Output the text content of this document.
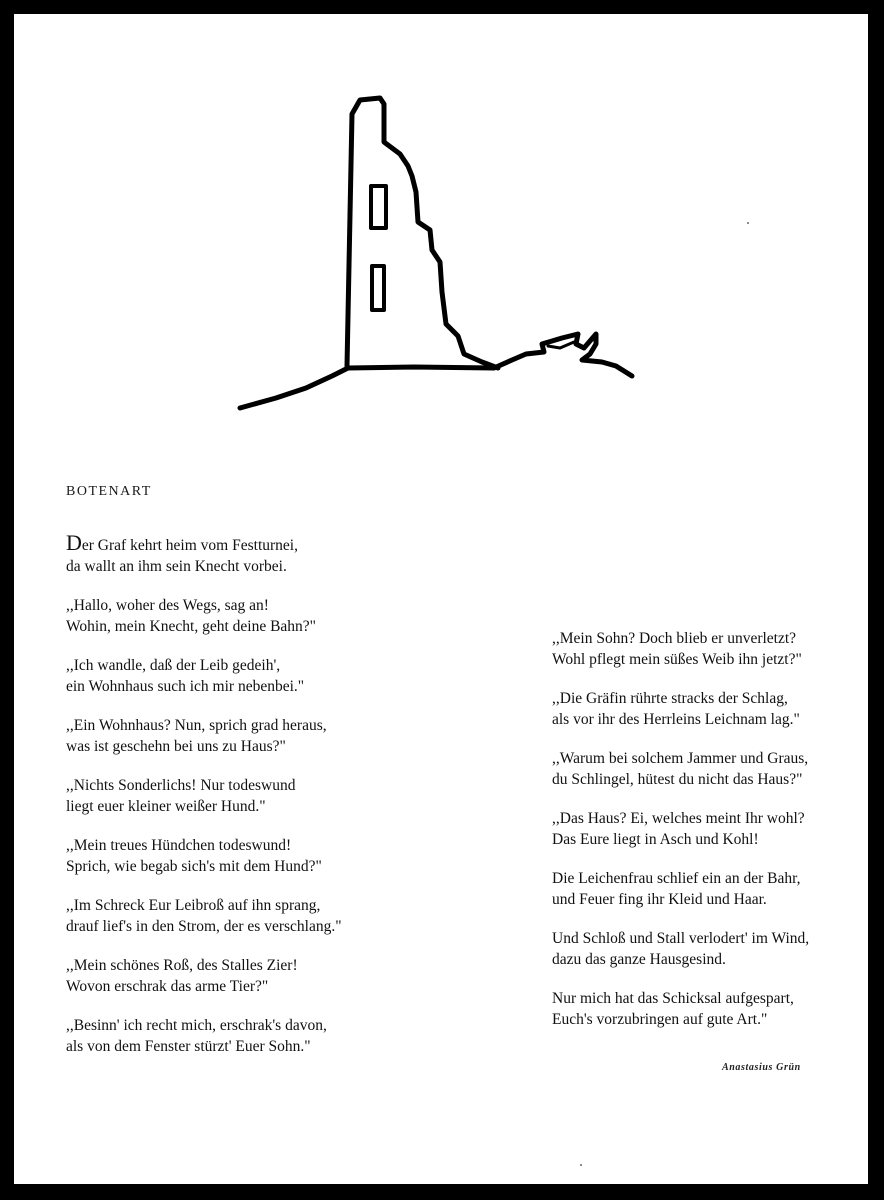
BOTENART
Der Graf kehrt heim vom Festturnei,
da wallt an ihm sein Knecht vorbei.
,,Hallo, woher des Wegs, sag an!
Wohin, mein Knecht, geht deine Bahn?"
,,Ich wandle, daß der Leib gedeih',
ein Wohnhaus such ich mir nebenbei."
,,Ein Wohnhaus? Nun, sprich grad heraus,
was ist geschehn bei uns zu Haus?"
,,Nichts Sonderlichs! Nur todeswund
liegt euer kleiner weißer Hund."
,,Mein treues Hündchen todeswund!
Sprich, wie begab sich's mit dem Hund?"
,,Im Schreck Eur Leibroß auf ihn sprang,
drauf lief's in den Strom, der es verschlang."
,,Mein schönes Roß, des Stalles Zier!
Wovon erschrak das arme Tier?"
,,Besinn' ich recht mich, erschrak's davon,
als von dem Fenster stürzt' Euer Sohn."
,,Mein Sohn? Doch blieb er unverletzt?
Wohl pflegt mein süßes Weib ihn jetzt?"
,,Die Gräfin rührte stracks der Schlag,
als vor ihr des Herrleins Leichnam lag."
,,Warum bei solchem Jammer und Graus,
du Schlingel, hütest du nicht das Haus?"
,,Das Haus? Ei, welches meint Ihr wohl?
Das Eure liegt in Asch und Kohl!
Die Leichenfrau schlief ein an der Bahr,
und Feuer fing ihr Kleid und Haar.
Und Schloß und Stall verlodert' im Wind,
dazu das ganze Hausgesind.
Nur mich hat das Schicksal aufgespart,
Euch's vorzubringen auf gute Art."
Anastasius Grün
